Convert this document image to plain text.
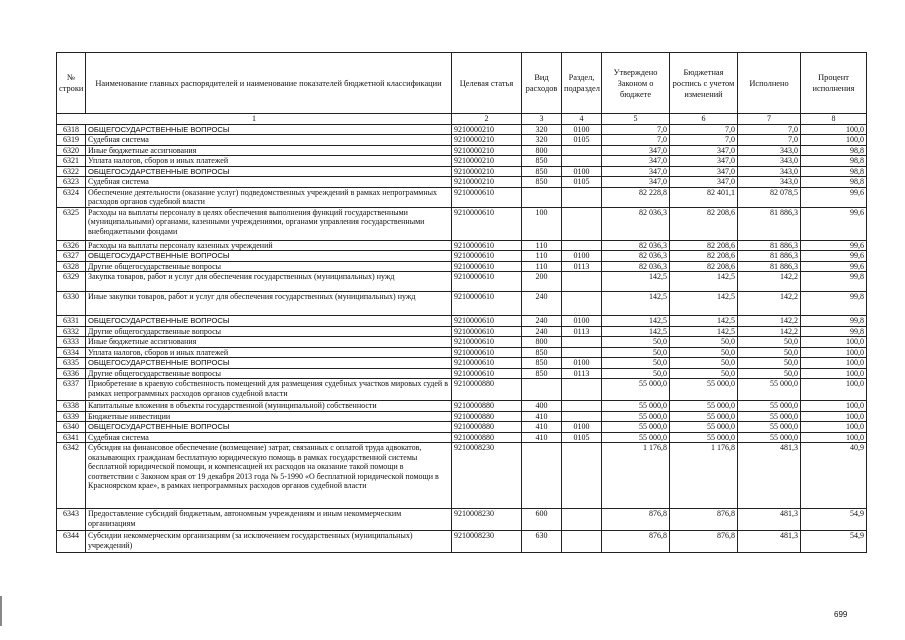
№ строки	Наименование главных распорядителей и наименование показателей бюджетной классификации	Целевая статья	Вид расходов	Раздел, подраздел	Утверждено Законом о бюджете	Бюджетная роспись с учетом изменений	Исполнено	Процент исполнения
1		2	3	4	5	6	7	8
6318	ОБЩЕГОСУДАРСТВЕННЫЕ ВОПРОСЫ	9210000210	320	0100	7,0	7,0	7,0	100,0
6319	Судебная система	9210000210	320	0105	7,0	7,0	7,0	100,0
6320	Иные бюджетные ассигнования	9210000210	800		347,0	347,0	343,0	98,8
6321	Уплата налогов, сборов и иных платежей	9210000210	850		347,0	347,0	343,0	98,8
6322	ОБЩЕГОСУДАРСТВЕННЫЕ ВОПРОСЫ	9210000210	850	0100	347,0	347,0	343,0	98,8
6323	Судебная система	9210000210	850	0105	347,0	347,0	343,0	98,8
6324	Обеспечение деятельности (оказание услуг) подведомственных учреждений в рамках непрограммных расходов органов судебной власти	9210000610			82 228,8	82 401,1	82 078,5	99,6
6325	Расходы на выплаты персоналу в целях обеспечения выполнения функций государственными (муниципальными) органами, казенными учреждениями, органами управления государственными внебюджетными фондами	9210000610	100		82 036,3	82 208,6	81 886,3	99,6
6326	Расходы на выплаты персоналу казенных учреждений	9210000610	110		82 036,3	82 208,6	81 886,3	99,6
6327	ОБЩЕГОСУДАРСТВЕННЫЕ ВОПРОСЫ	9210000610	110	0100	82 036,3	82 208,6	81 886,3	99,6
6328	Другие общегосударственные вопросы	9210000610	110	0113	82 036,3	82 208,6	81 886,3	99,6
6329	Закупка товаров, работ и услуг для обеспечения государственных (муниципальных) нужд	9210000610	200		142,5	142,5	142,2	99,8
6330	Иные закупки товаров, работ и услуг для обеспечения государственных (муниципальных) нужд	9210000610	240		142,5	142,5	142,2	99,8
6331	ОБЩЕГОСУДАРСТВЕННЫЕ ВОПРОСЫ	9210000610	240	0100	142,5	142,5	142,2	99,8
6332	Другие общегосударственные вопросы	9210000610	240	0113	142,5	142,5	142,2	99,8
6333	Иные бюджетные ассигнования	9210000610	800		50,0	50,0	50,0	100,0
6334	Уплата налогов, сборов и иных платежей	9210000610	850		50,0	50,0	50,0	100,0
6335	ОБЩЕГОСУДАРСТВЕННЫЕ ВОПРОСЫ	9210000610	850	0100	50,0	50,0	50,0	100,0
6336	Другие общегосударственные вопросы	9210000610	850	0113	50,0	50,0	50,0	100,0
6337	Приобретение в краевую собственность помещений для размещения судебных участков мировых судей в рамках непрограммных расходов органов судебной власти	9210000880			55 000,0	55 000,0	55 000,0	100,0
6338	Капитальные вложения в объекты государственной (муниципальной) собственности	9210000880	400		55 000,0	55 000,0	55 000,0	100,0
6339	Бюджетные инвестиции	9210000880	410		55 000,0	55 000,0	55 000,0	100,0
6340	ОБЩЕГОСУДАРСТВЕННЫЕ ВОПРОСЫ	9210000880	410	0100	55 000,0	55 000,0	55 000,0	100,0
6341	Судебная система	9210000880	410	0105	55 000,0	55 000,0	55 000,0	100,0
6342	Субсидия на финансовое обеспечение (возмещение) затрат, связанных с оплатой труда адвокатов, оказывающих гражданам бесплатную юридическую помощь в рамках государственной системы бесплатной юридической помощи, и компенсацией их расходов на оказание такой помощи в соответствии с Законом края от 19 декабря 2013 года № 5-1990 «О бесплатной юридической помощи в Красноярском крае», в рамках непрограммных расходов органов судебной власти	9210008230			1 176,8	1 176,8	481,3	40,9
6343	Предоставление субсидий бюджетным, автономным учреждениям и иным некоммерческим организациям	9210008230	600		876,8	876,8	481,3	54,9
6344	Субсидии некоммерческим организациям (за исключением государственных (муниципальных) учреждений)	9210008230	630		876,8	876,8	481,3	54,9
699
